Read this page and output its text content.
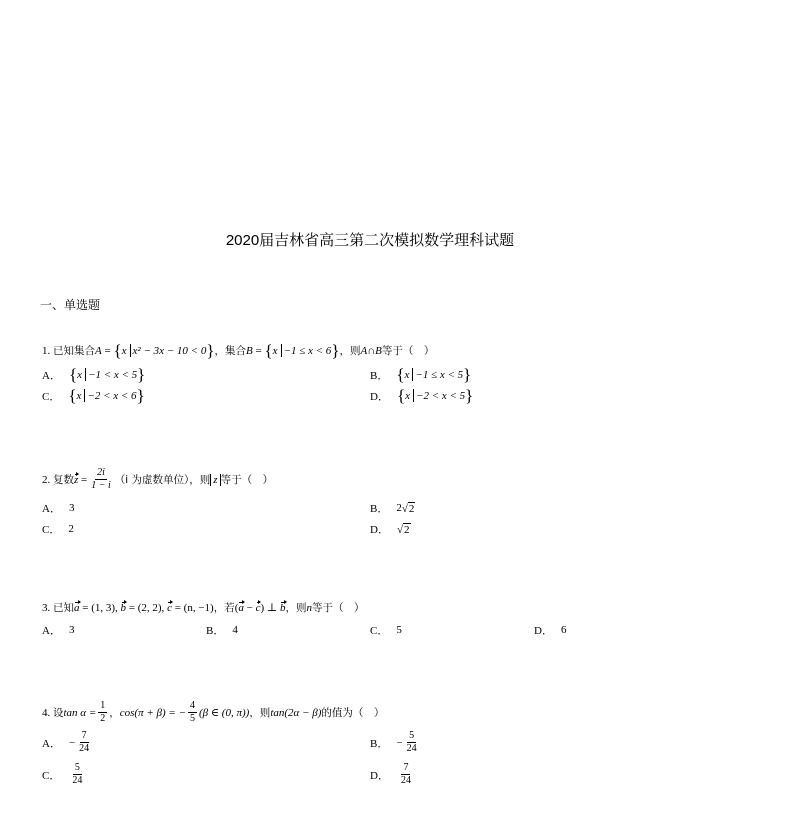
2020届吉林省高三第二次模拟数学理科试题
一、单选题
1.
已知集合 A = { x x² − 3x − 10 < 0 } ，集合 B = { x −1 ≤ x < 6 } ，则 A∩B 等于（　）
A． { x −1 < x < 5 }	B． { x −1 ≤ x < 5 }
C． { x −2 < x < 6 }	D． { x −2 < x < 5 }
2.
复数 $z = \frac{2i}{1 - i} (i$ 为虚数单位），则 z 等于（　）
A． 3	B． 2 √ 2
C． 2	D． √ 2
3.
已知 a
= (1, 3),
b
= (2, 2),
c
= (n, −1) ，若 ( a − c ) ⊥
b ，则 n 等于（　）
A． 3	B． 4	C． 5	D． 6
4.
设 $\tan \alpha = \frac{1}{2}$ ， cos(π + β) = − $\frac{4}{5} (\beta$ ∈ (0, π)) ，则 tan(2α − β) 的值为（　）
A． − $\frac{7}{24}$	B． − $\frac{5}{24}$
C． $\frac{5}{24}$	D． $\frac{7}{24}$
